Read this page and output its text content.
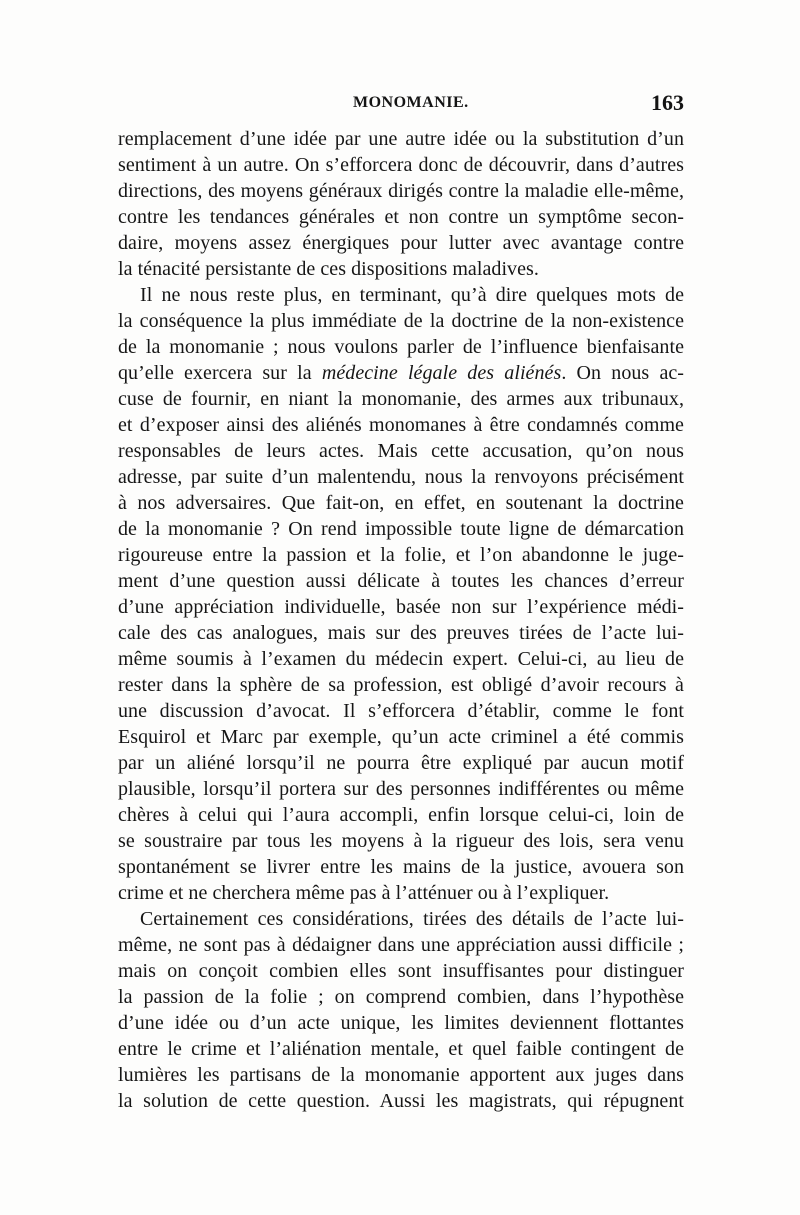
MONOMANIE.	163
remplacement d’une idée par une autre idée ou la substitution d’un
sentiment à un autre. On s’efforcera donc de découvrir, dans d’autres
directions, des moyens généraux dirigés contre la maladie elle-même,
contre les tendances générales et non contre un symptôme secon-
daire, moyens assez énergiques pour lutter avec avantage contre
la ténacité persistante de ces dispositions maladives.
Il ne nous reste plus, en terminant, qu’à dire quelques mots de
la conséquence la plus immédiate de la doctrine de la non-existence
de la monomanie ; nous voulons parler de l’influence bienfaisante
qu’elle exercera sur la médecine légale des aliénés. On nous ac-
cuse de fournir, en niant la monomanie, des armes aux tribunaux,
et d’exposer ainsi des aliénés monomanes à être condamnés comme
responsables de leurs actes. Mais cette accusation, qu’on nous
adresse, par suite d’un malentendu, nous la renvoyons précisément
à nos adversaires. Que fait-on, en effet, en soutenant la doctrine
de la monomanie ? On rend impossible toute ligne de démarcation
rigoureuse entre la passion et la folie, et l’on abandonne le juge-
ment d’une question aussi délicate à toutes les chances d’erreur
d’une appréciation individuelle, basée non sur l’expérience médi-
cale des cas analogues, mais sur des preuves tirées de l’acte lui-
même soumis à l’examen du médecin expert. Celui-ci, au lieu de
rester dans la sphère de sa profession, est obligé d’avoir recours à
une discussion d’avocat. Il s’efforcera d’établir, comme le font
Esquirol et Marc par exemple, qu’un acte criminel a été commis
par un aliéné lorsqu’il ne pourra être expliqué par aucun motif
plausible, lorsqu’il portera sur des personnes indifférentes ou même
chères à celui qui l’aura accompli, enfin lorsque celui-ci, loin de
se soustraire par tous les moyens à la rigueur des lois, sera venu
spontanément se livrer entre les mains de la justice, avouera son
crime et ne cherchera même pas à l’atténuer ou à l’expliquer.
Certainement ces considérations, tirées des détails de l’acte lui-
même, ne sont pas à dédaigner dans une appréciation aussi difficile ;
mais on conçoit combien elles sont insuffisantes pour distinguer
la passion de la folie ; on comprend combien, dans l’hypothèse
d’une idée ou d’un acte unique, les limites deviennent flottantes
entre le crime et l’aliénation mentale, et quel faible contingent de
lumières les partisans de la monomanie apportent aux juges dans
la solution de cette question. Aussi les magistrats, qui répugnent
